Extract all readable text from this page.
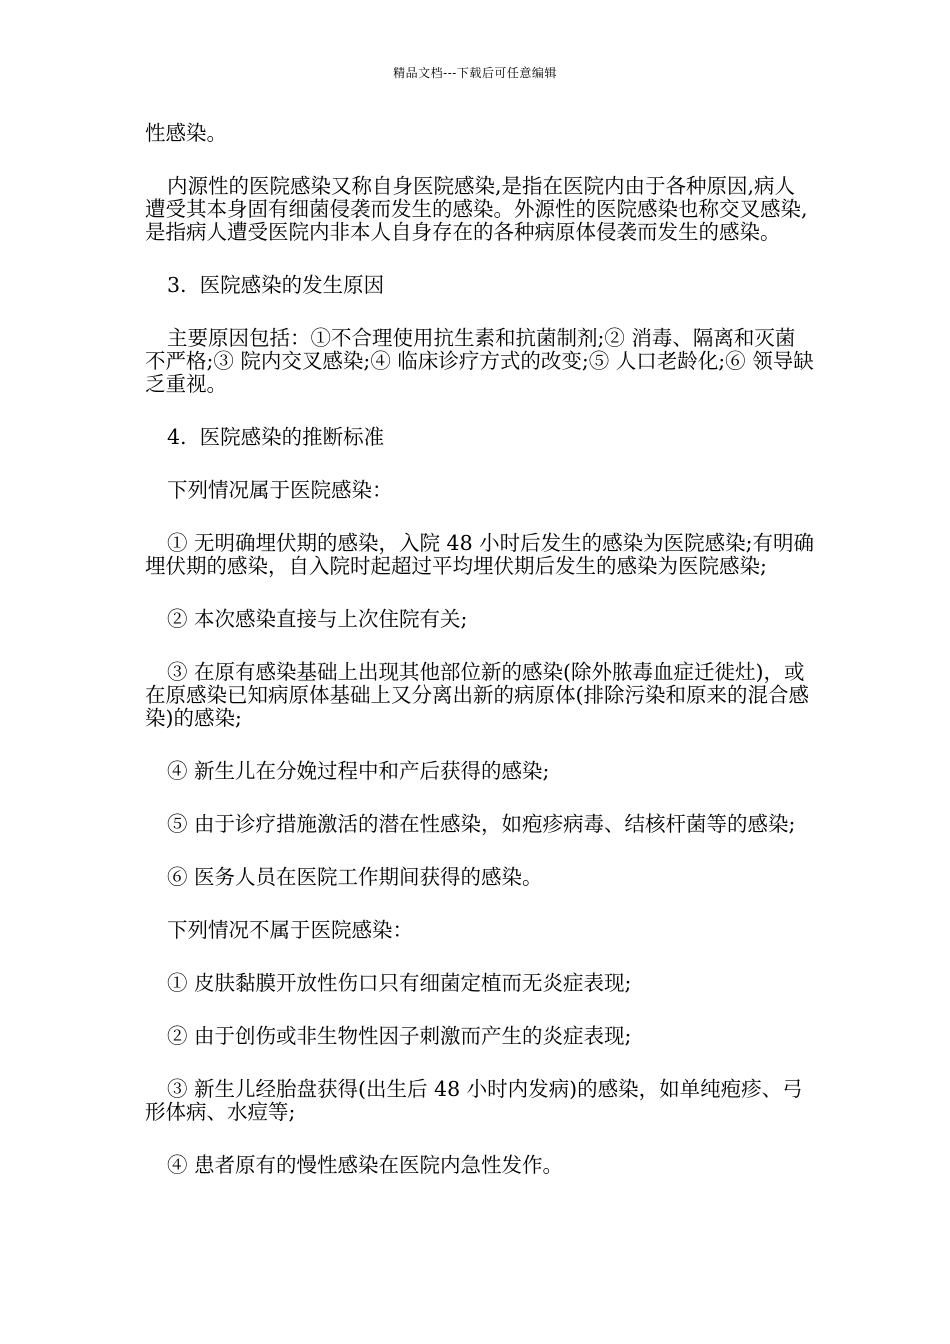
精品文档---下载后可任意编辑

性感染。

内源性的医院感染又称自身医院感染,是指在医院内由于各种原因,病人遭受其本身固有细菌侵袭而发生的感染。外源性的医院感染也称交叉感染,是指病人遭受医院内非本人自身存在的各种病原体侵袭而发生的感染。

3.  医院感染的发生原因

主要原因包括：①不合理使用抗生素和抗菌制剂;② 消毒、隔离和灭菌不严格;③ 院内交叉感染;④ 临床诊疗方式的改变;⑤ 人口老龄化;⑥ 领导缺乏重视。

4.  医院感染的推断标准

下列情况属于医院感染：

① 无明确埋伏期的感染，入院 48 小时后发生的感染为医院感染;有明确埋伏期的感染，自入院时起超过平均埋伏期后发生的感染为医院感染;

② 本次感染直接与上次住院有关;

③ 在原有感染基础上出现其他部位新的感染(除外脓毒血症迁徙灶)，或在原感染已知病原体基础上又分离出新的病原体(排除污染和原来的混合感染)的感染;

④ 新生儿在分娩过程中和产后获得的感染;

⑤ 由于诊疗措施激活的潜在性感染，如疱疹病毒、结核杆菌等的感染;

⑥ 医务人员在医院工作期间获得的感染。

下列情况不属于医院感染：

① 皮肤黏膜开放性伤口只有细菌定植而无炎症表现;

② 由于创伤或非生物性因子刺激而产生的炎症表现;

③ 新生儿经胎盘获得(出生后 48 小时内发病)的感染，如单纯疱疹、弓形体病、水痘等;

④ 患者原有的慢性感染在医院内急性发作。
